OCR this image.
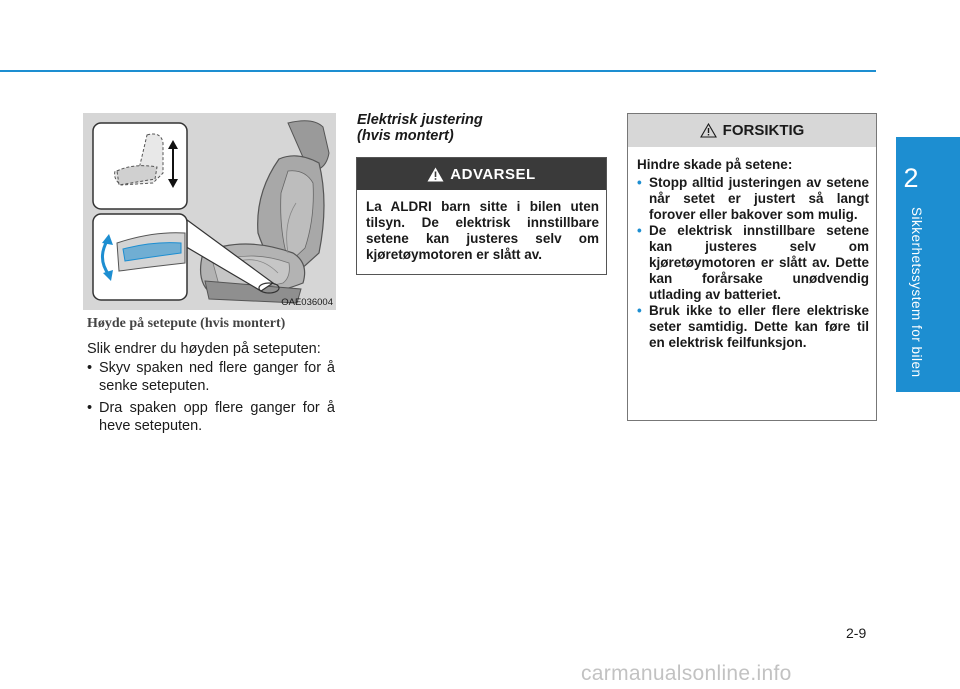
2
Sikkerhetssystem for bilen
OAE036004
Høyde på setepute (hvis montert)
Slik endrer du høyden på seteputen:
• Skyv spaken ned flere ganger for å senke seteputen.
• Dra spaken opp flere ganger for å heve seteputen.
Elektrisk justering
(hvis montert)
ADVARSEL
La ALDRI barn sitte i bilen uten tilsyn. De elektrisk innstillbare setene kan justeres selv om kjøretøymotoren er slått av.
FORSIKTIG
Hindre skade på setene:
• Stopp alltid justeringen av setene når setet er justert så langt forover eller bakover som mulig.
• De elektrisk innstillbare setene kan justeres selv om kjøretøymotoren er slått av. Dette kan forårsake unødvendig utlading av batteriet.
• Bruk ikke to eller flere elektriske seter samtidig. Dette kan føre til en elektrisk feilfunksjon.
2-9
carmanualsonline.info
